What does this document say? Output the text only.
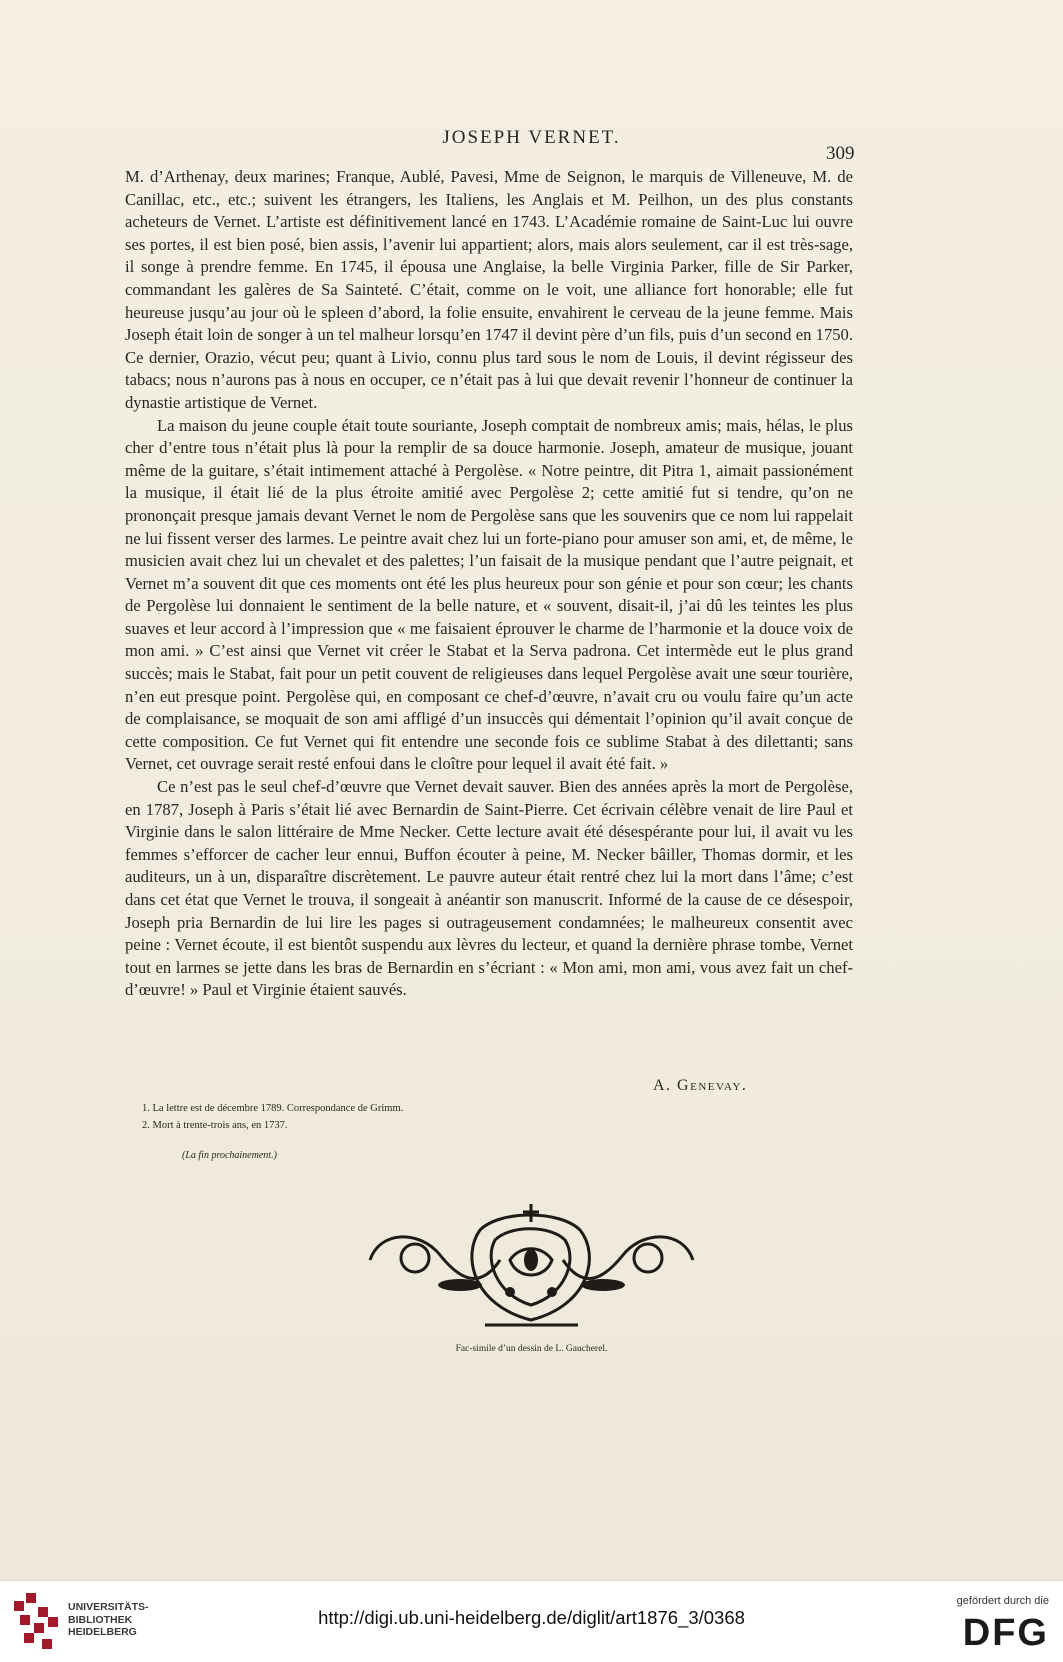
JOSEPH VERNET.
309

M. d’Arthenay, deux marines; Franque, Aublé, Pavesi, Mme de Seignon, le marquis de Villeneuve, M. de Canillac, etc., etc.; suivent les étrangers, les Italiens, les Anglais et M. Peilhon, un des plus constants acheteurs de Vernet. L’artiste est définitivement lancé en 1743. L’Académie romaine de Saint-Luc lui ouvre ses portes, il est bien posé, bien assis, l’avenir lui appartient; alors, mais alors seulement, car il est très-sage, il songe à prendre femme. En 1745, il épousa une Anglaise, la belle Virginia Parker, fille de Sir Parker, commandant les galères de Sa Sainteté. C’était, comme on le voit, une alliance fort honorable; elle fut heureuse jusqu’au jour où le spleen d’abord, la folie ensuite, envahirent le cerveau de la jeune femme. Mais Joseph était loin de songer à un tel malheur lorsqu’en 1747 il devint père d’un fils, puis d’un second en 1750. Ce dernier, Orazio, vécut peu; quant à Livio, connu plus tard sous le nom de Louis, il devint régisseur des tabacs; nous n’aurons pas à nous en occuper, ce n’était pas à lui que devait revenir l’honneur de continuer la dynastie artistique de Vernet.

La maison du jeune couple était toute souriante, Joseph comptait de nombreux amis; mais, hélas, le plus cher d’entre tous n’était plus là pour la remplir de sa douce harmonie. Joseph, amateur de musique, jouant même de la guitare, s’était intimement attaché à Pergolèse. « Notre peintre, dit Pitra 1, aimait passionément la musique, il était lié de la plus étroite amitié avec Pergolèse 2; cette amitié fut si tendre, qu’on ne prononçait presque jamais devant Vernet le nom de Pergolèse sans que les souvenirs que ce nom lui rappelait ne lui fissent verser des larmes. Le peintre avait chez lui un forte-piano pour amuser son ami, et, de même, le musicien avait chez lui un chevalet et des palettes; l’un faisait de la musique pendant que l’autre peignait, et Vernet m’a souvent dit que ces moments ont été les plus heureux pour son génie et pour son cœur; les chants de Pergolèse lui donnaient le sentiment de la belle nature, et « souvent, disait-il, j’ai dû les teintes les plus suaves et leur accord à l’impression que « me faisaient éprouver le charme de l’harmonie et la douce voix de mon ami. » C’est ainsi que Vernet vit créer le Stabat et la Serva padrona. Cet intermède eut le plus grand succès; mais le Stabat, fait pour un petit couvent de religieuses dans lequel Pergolèse avait une sœur tourière, n’en eut presque point. Pergolèse qui, en composant ce chef-d’œuvre, n’avait cru ou voulu faire qu’un acte de complaisance, se moquait de son ami affligé d’un insuccès qui démentait l’opinion qu’il avait conçue de cette composition. Ce fut Vernet qui fit entendre une seconde fois ce sublime Stabat à des dilettanti; sans Vernet, cet ouvrage serait resté enfoui dans le cloître pour lequel il avait été fait. »

Ce n’est pas le seul chef-d’œuvre que Vernet devait sauver. Bien des années après la mort de Pergolèse, en 1787, Joseph à Paris s’était lié avec Bernardin de Saint-Pierre. Cet écrivain célèbre venait de lire Paul et Virginie dans le salon littéraire de Mme Necker. Cette lecture avait été désespérante pour lui, il avait vu les femmes s’efforcer de cacher leur ennui, Buffon écouter à peine, M. Necker bâiller, Thomas dormir, et les auditeurs, un à un, disparaître discrètement. Le pauvre auteur était rentré chez lui la mort dans l’âme; c’est dans cet état que Vernet le trouva, il songeait à anéantir son manuscrit. Informé de la cause de ce désespoir, Joseph pria Bernardin de lui lire les pages si outrageusement condamnées; le malheureux consentit avec peine : Vernet écoute, il est bientôt suspendu aux lèvres du lecteur, et quand la dernière phrase tombe, Vernet tout en larmes se jette dans les bras de Bernardin en s’écriant : « Mon ami, mon ami, vous avez fait un chef-d’œuvre! » Paul et Virginie étaient sauvés.

A. Genevay.
1. La lettre est de décembre 1789. Correspondance de Grimm.
2. Mort à trente-trois ans, en 1737.
(La fin prochainement.)
Fac-simile d’un dessin de L. Gaucherel.
UNIVERSITÄTS-
BIBLIOTHEK
HEIDELBERG
http://digi.ub.uni-heidelberg.de/diglit/art1876_3/0368
gefördert durch die
DFG
